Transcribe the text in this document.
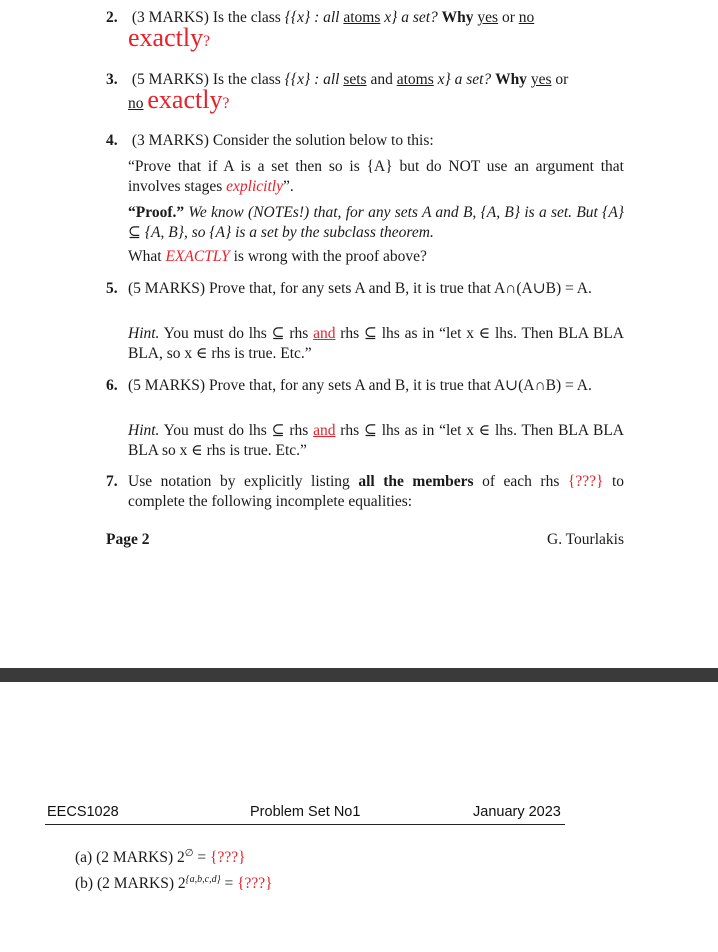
2. (3 MARKS) Is the class {{x} : all atoms x} a set? Why yes or no
exactly?
3. (5 MARKS) Is the class {{x} : all sets and atoms x} a set? Why yes or
no exactly?
4. (3 MARKS) Consider the solution below to this:
“Prove that if A is a set then so is {A} but do NOT use an argument that involves stages explicitly”.
“Proof.” We know (NOTEs!) that, for any sets A and B, {A, B} is a set. But {A} ⊆ {A, B}, so {A} is a set by the subclass theorem.
What EXACTLY is wrong with the proof above?
5. (5 MARKS) Prove that, for any sets A and B, it is true that A∩(A∪B) = A.
Hint. You must do lhs ⊆ rhs and rhs ⊆ lhs as in “let x ∈ lhs. Then BLA BLA BLA, so x ∈ rhs is true. Etc.”
6. (5 MARKS) Prove that, for any sets A and B, it is true that A∪(A∩B) = A.
Hint. You must do lhs ⊆ rhs and rhs ⊆ lhs as in “let x ∈ lhs. Then BLA BLA BLA so x ∈ rhs is true. Etc.”
7. Use notation by explicitly listing all the members of each rhs {???} to complete the following incomplete equalities:
Page 2	G. Tourlakis
EECS1028	Problem Set No1	January 2023
(a) (2 MARKS) 2∅ = {???}
(b) (2 MARKS) $2^{\{a,b,c,d\}}$ = {???}
